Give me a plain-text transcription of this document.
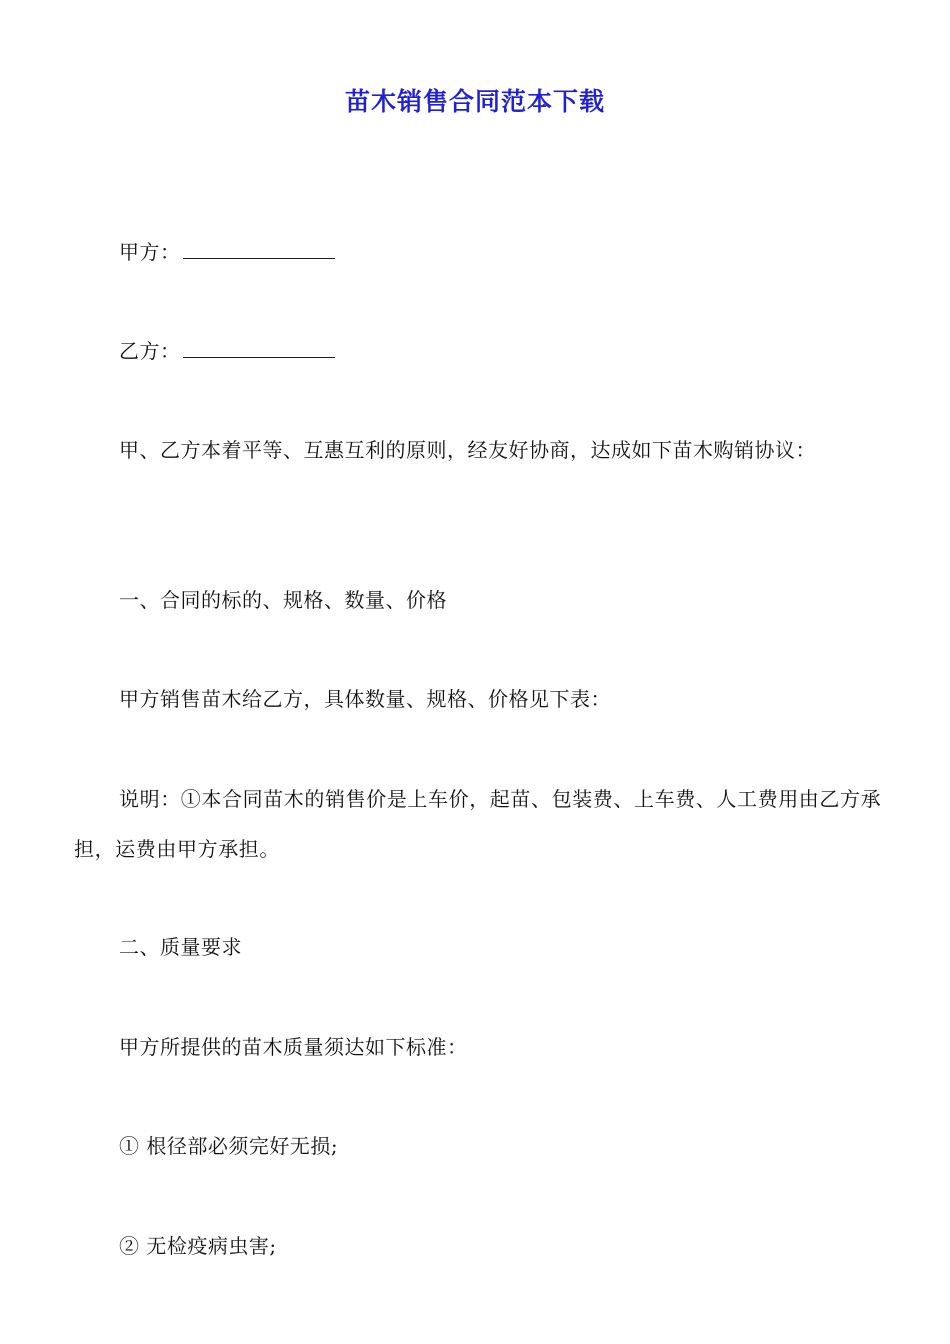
苗木销售合同范本下载
甲方：
乙方：
甲、乙方本着平等、互惠互利的原则，经友好协商，达成如下苗木购销协议：
一、合同的标的、规格、数量、价格
甲方销售苗木给乙方，具体数量、规格、价格见下表：
说明：①本合同苗木的销售价是上车价，起苗、包装费、上车费、人工费用由乙方承担，运费由甲方承担。
二、质量要求
甲方所提供的苗木质量须达如下标准：
① 根径部必须完好无损;
② 无检疫病虫害;
